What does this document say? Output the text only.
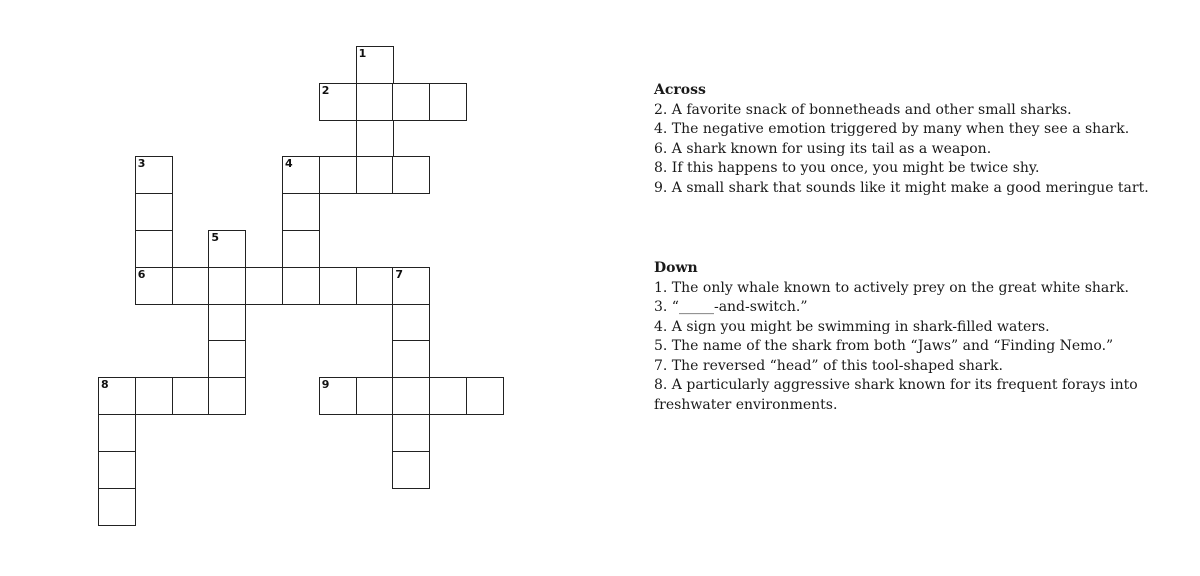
1
2
3	4
5
6	7
8	9
Across
2. A favorite snack of bonnetheads and other small sharks.
4. The negative emotion triggered by many when they see a shark.
6. A shark known for using its tail as a weapon.
8. If this happens to you once, you might be twice shy.
9. A small shark that sounds like it might make a good meringue tart.
Down
1. The only whale known to actively prey on the great white shark.
3. “_____-and-switch.”
4. A sign you might be swimming in shark-filled waters.
5. The name of the shark from both “Jaws” and “Finding Nemo.”
7. The reversed “head” of this tool-shaped shark.
8. A particularly aggressive shark known for its frequent forays into freshwater environments.
